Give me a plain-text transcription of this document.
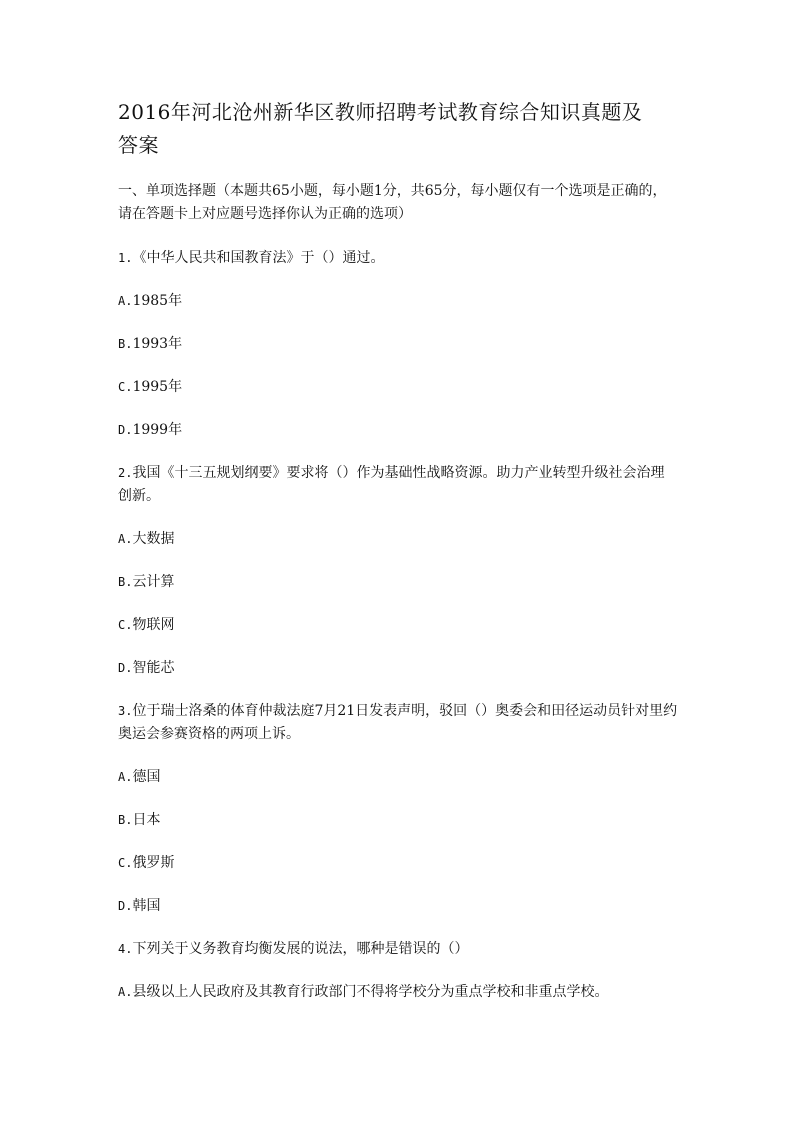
2016年河北沧州新华区教师招聘考试教育综合知识真题及
答案

一、单项选择题（本题共65小题，每小题1分，共65分，每小题仅有一个选项是正确的，请在答题卡上对应题号选择你认为正确的选项）

1.《中华人民共和国教育法》于（）通过。

A.1985年

B.1993年

C.1995年

D.1999年

2.我国《十三五规划纲要》要求将（）作为基础性战略资源。助力产业转型升级社会治理创新。

A.大数据

B.云计算

C.物联网

D.智能芯

3.位于瑞士洛桑的体育仲裁法庭7月21日发表声明，驳回（）奥委会和田径运动员针对里约奥运会参赛资格的两项上诉。

A.德国

B.日本

C.俄罗斯

D.韩国

4.下列关于义务教育均衡发展的说法，哪种是错误的（）

A.县级以上人民政府及其教育行政部门不得将学校分为重点学校和非重点学校。
